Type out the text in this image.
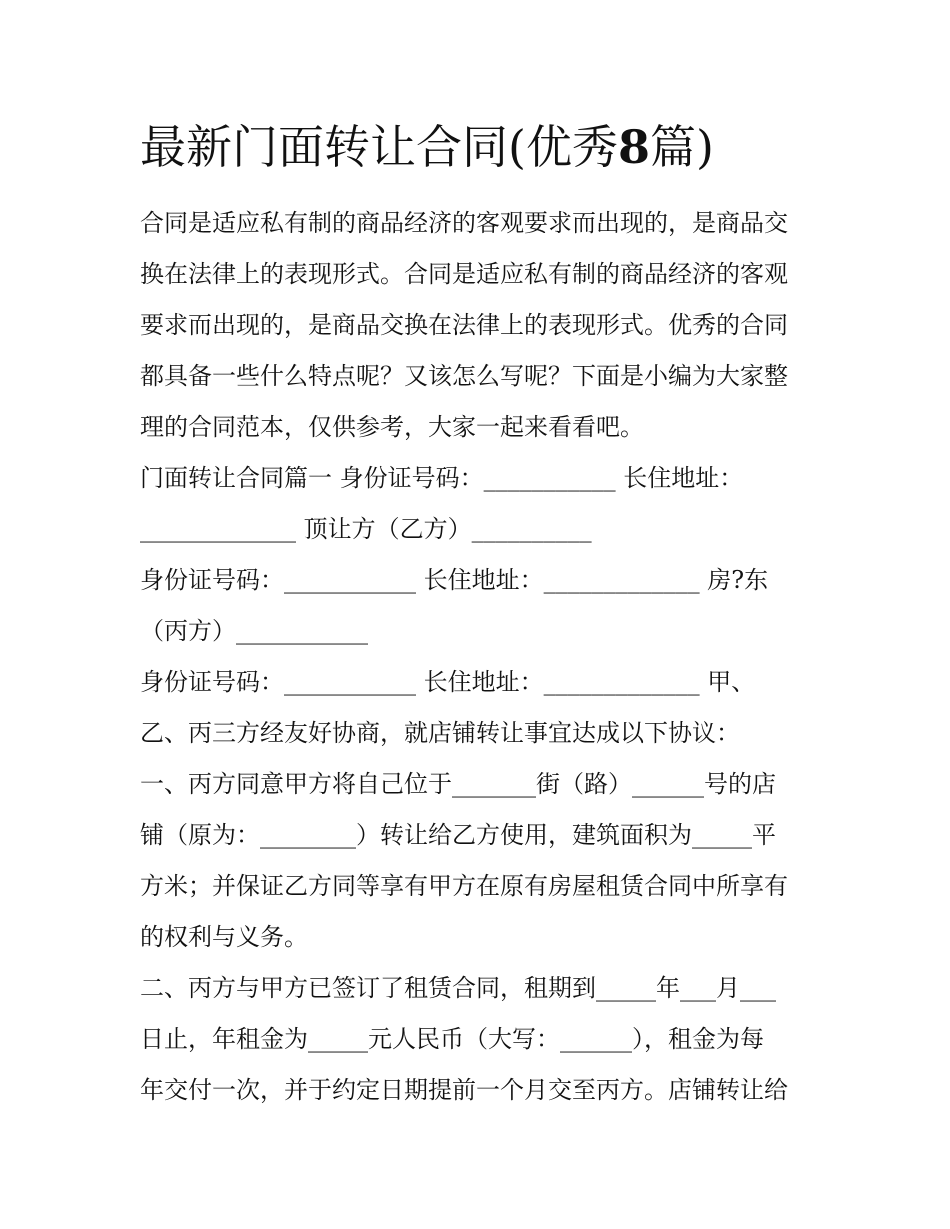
最新门面转让合同(优秀8篇)
合同是适应私有制的商品经济的客观要求而出现的，是商品交
换在法律上的表现形式。合同是适应私有制的商品经济的客观
要求而出现的，是商品交换在法律上的表现形式。优秀的合同
都具备一些什么特点呢？又该怎么写呢？下面是小编为大家整
理的合同范本，仅供参考，大家一起来看看吧。
门面转让合同篇一 身份证号码：___________ 长住地址：
_____________ 顶让方（乙方）__________
身份证号码：___________ 长住地址：_____________ 房?东
（丙方）___________
身份证号码：___________ 长住地址：_____________ 甲、
乙、丙三方经友好协商，就店铺转让事宜达成以下协议：
一、丙方同意甲方将自己位于_______街（路）______号的店
铺（原为：________）转让给乙方使用，建筑面积为_____平
方米；并保证乙方同等享有甲方在原有房屋租赁合同中所享有
的权利与义务。
二、丙方与甲方已签订了租赁合同，租期到_____年___月___
日止，年租金为_____元人民币（大写：______），租金为每
年交付一次，并于约定日期提前一个月交至丙方。店铺转让给
